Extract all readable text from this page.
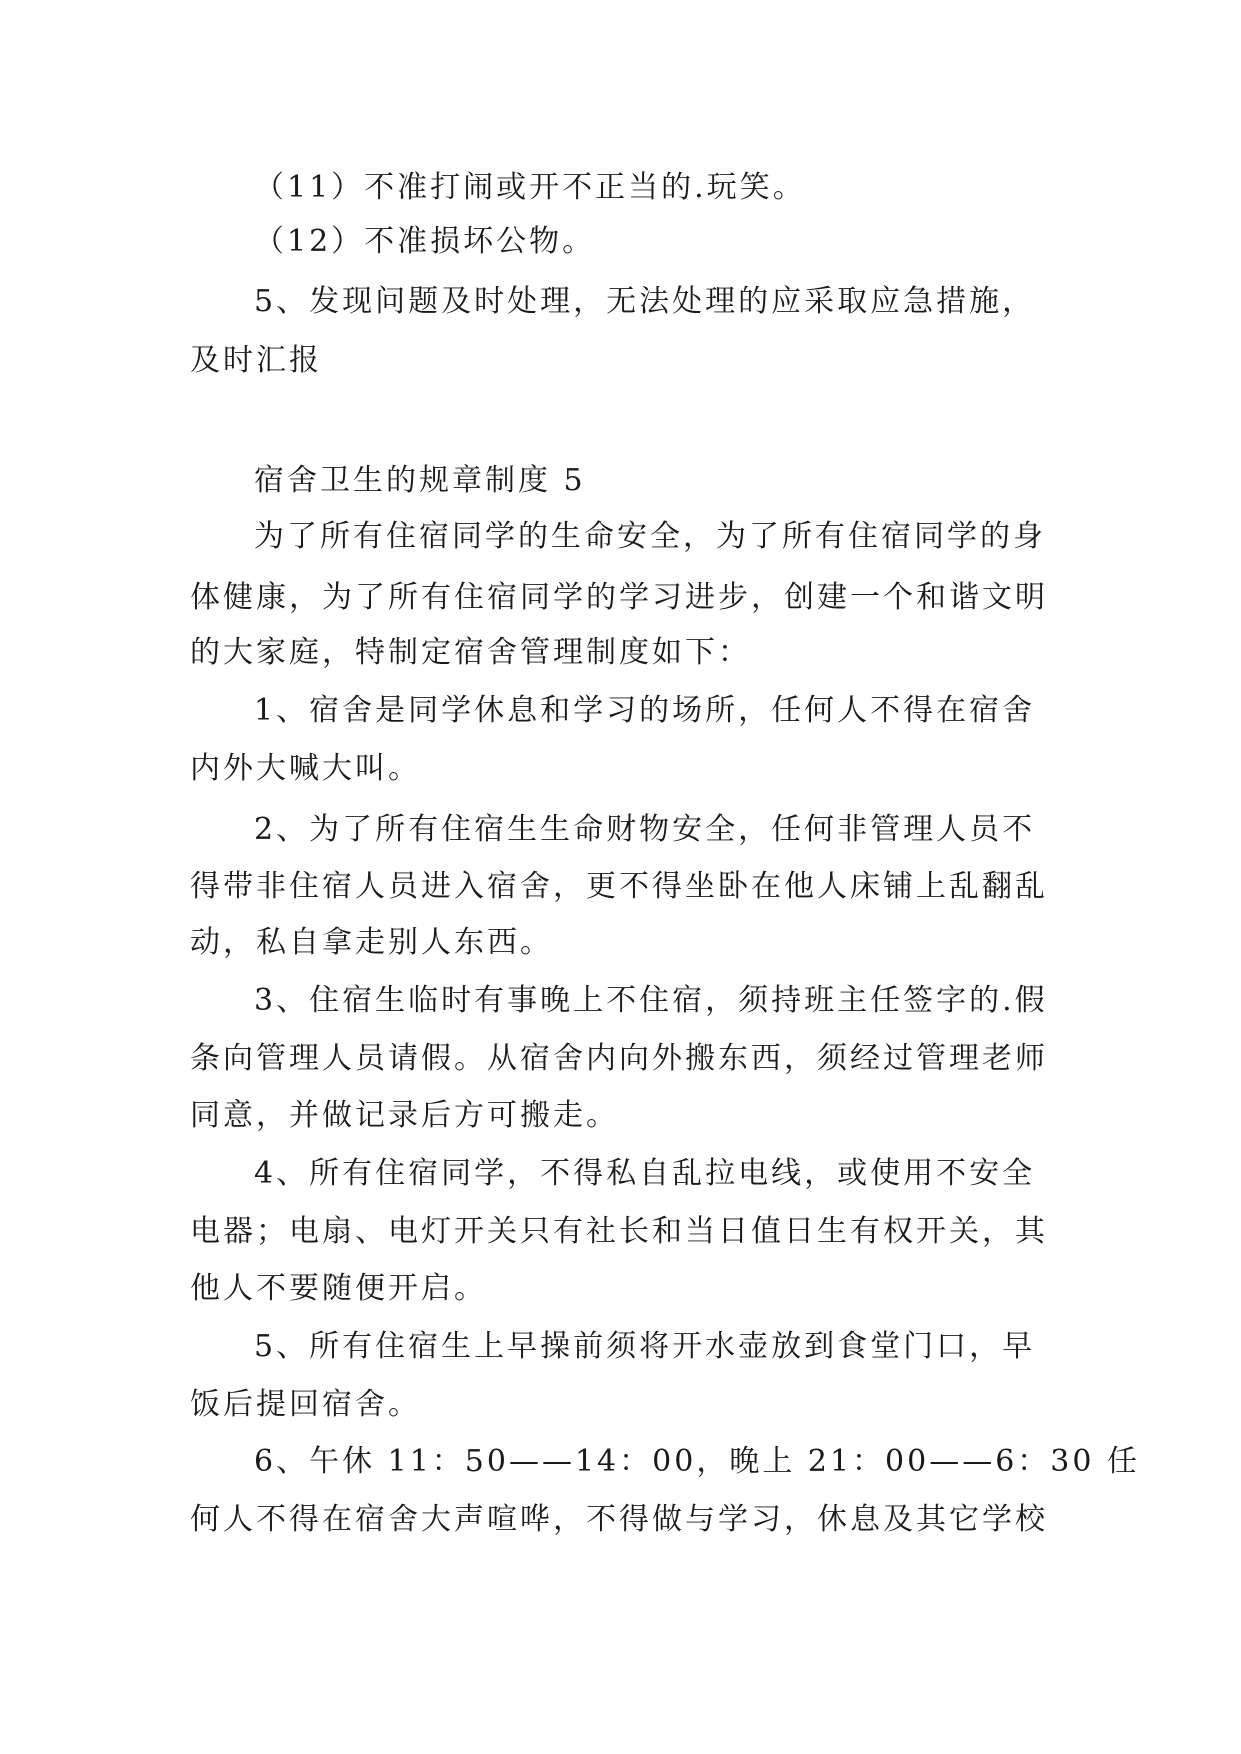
（11）不准打闹或开不正当的.玩笑。
（12）不准损坏公物。
5、发现问题及时处理，无法处理的应采取应急措施，
及时汇报
宿舍卫生的规章制度 5
为了所有住宿同学的生命安全，为了所有住宿同学的身
体健康，为了所有住宿同学的学习进步，创建一个和谐文明
的大家庭，特制定宿舍管理制度如下：
1、宿舍是同学休息和学习的场所，任何人不得在宿舍
内外大喊大叫。
2、为了所有住宿生生命财物安全，任何非管理人员不
得带非住宿人员进入宿舍，更不得坐卧在他人床铺上乱翻乱
动，私自拿走别人东西。
3、住宿生临时有事晚上不住宿，须持班主任签字的.假
条向管理人员请假。从宿舍内向外搬东西，须经过管理老师
同意，并做记录后方可搬走。
4、所有住宿同学，不得私自乱拉电线，或使用不安全
电器；电扇、电灯开关只有社长和当日值日生有权开关，其
他人不要随便开启。
5、所有住宿生上早操前须将开水壶放到食堂门口，早
饭后提回宿舍。
6、午休 11：50——14：00，晚上 21：00——6：30 任
何人不得在宿舍大声喧哗，不得做与学习，休息及其它学校
